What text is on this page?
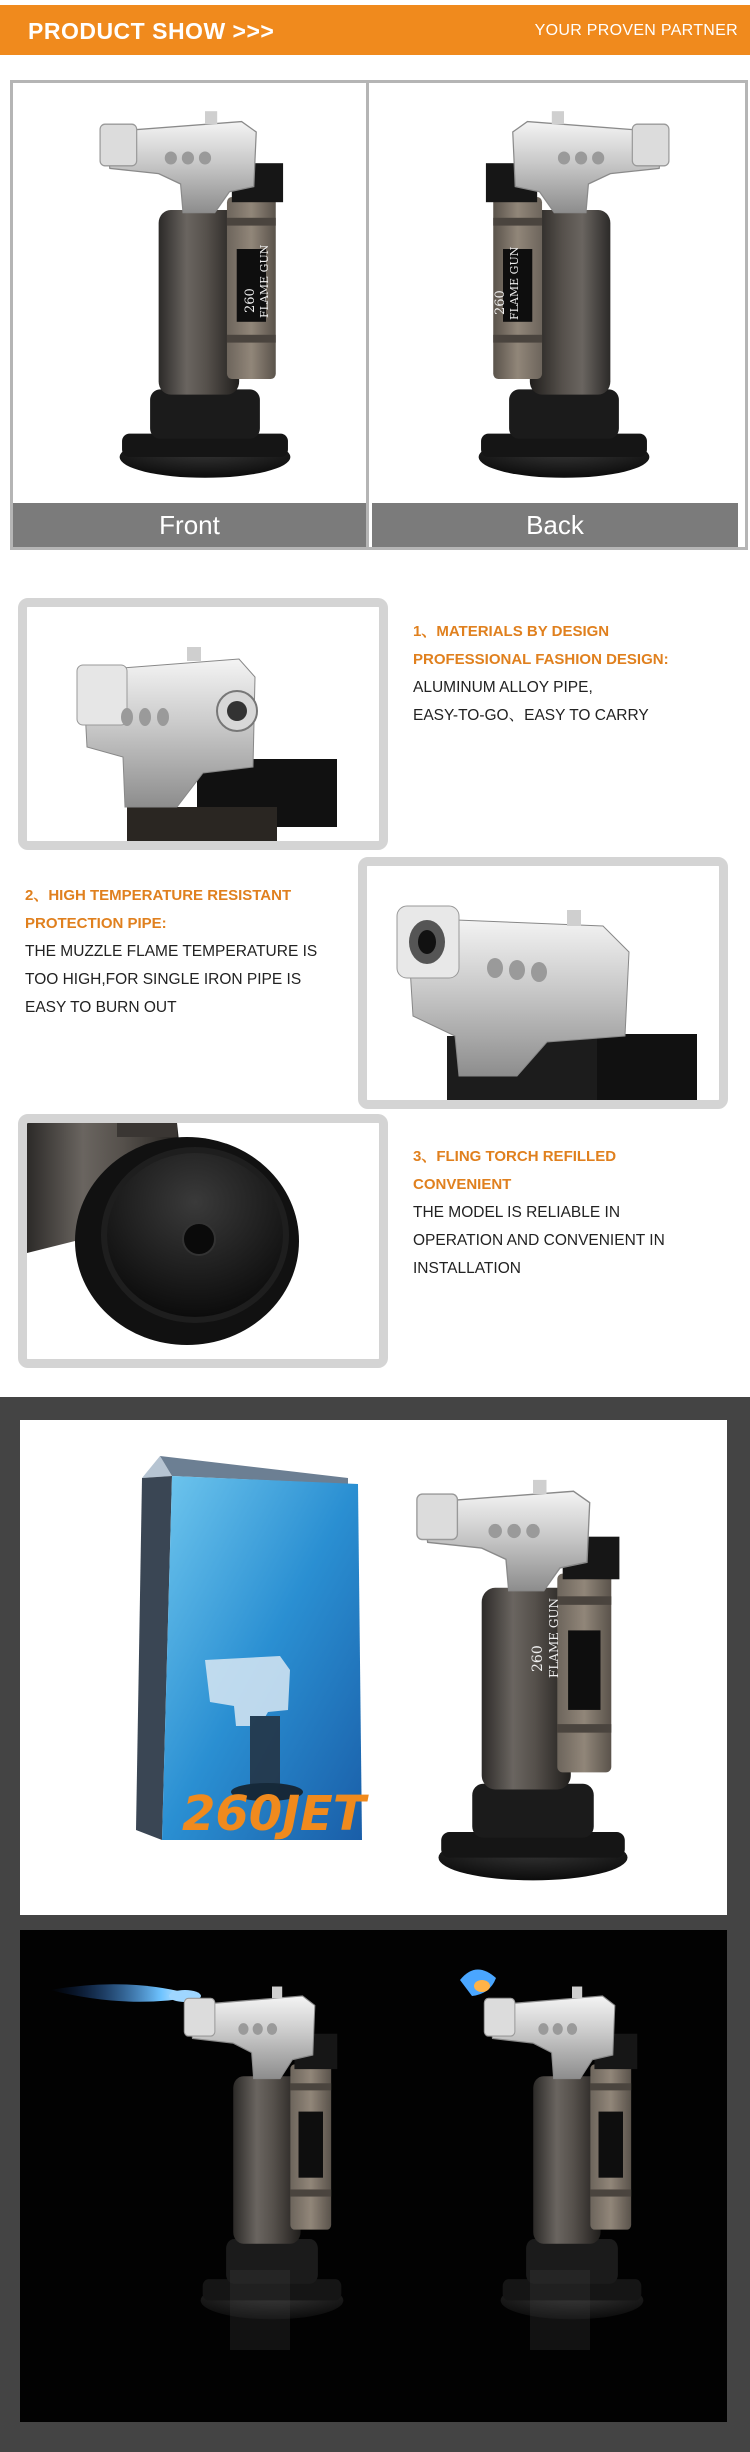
PRODUCT SHOW >>>	YOUR PROVEN PARTNER
260 FLAME GUN
Front
260 FLAME GUN
Back
1、MATERIALS BY DESIGN
PROFESSIONAL FASHION DESIGN:
ALUMINUM ALLOY PIPE,
EASY-TO-GO、EASY TO CARRY
2、HIGH TEMPERATURE RESISTANT
PROTECTION PIPE:
THE MUZZLE FLAME TEMPERATURE IS
TOO HIGH,FOR SINGLE IRON PIPE IS
EASY TO BURN OUT
3、FLING TORCH REFILLED
CONVENIENT
THE MODEL IS RELIABLE IN
OPERATION AND CONVENIENT IN
INSTALLATION
260JET
260 FLAME GUN
